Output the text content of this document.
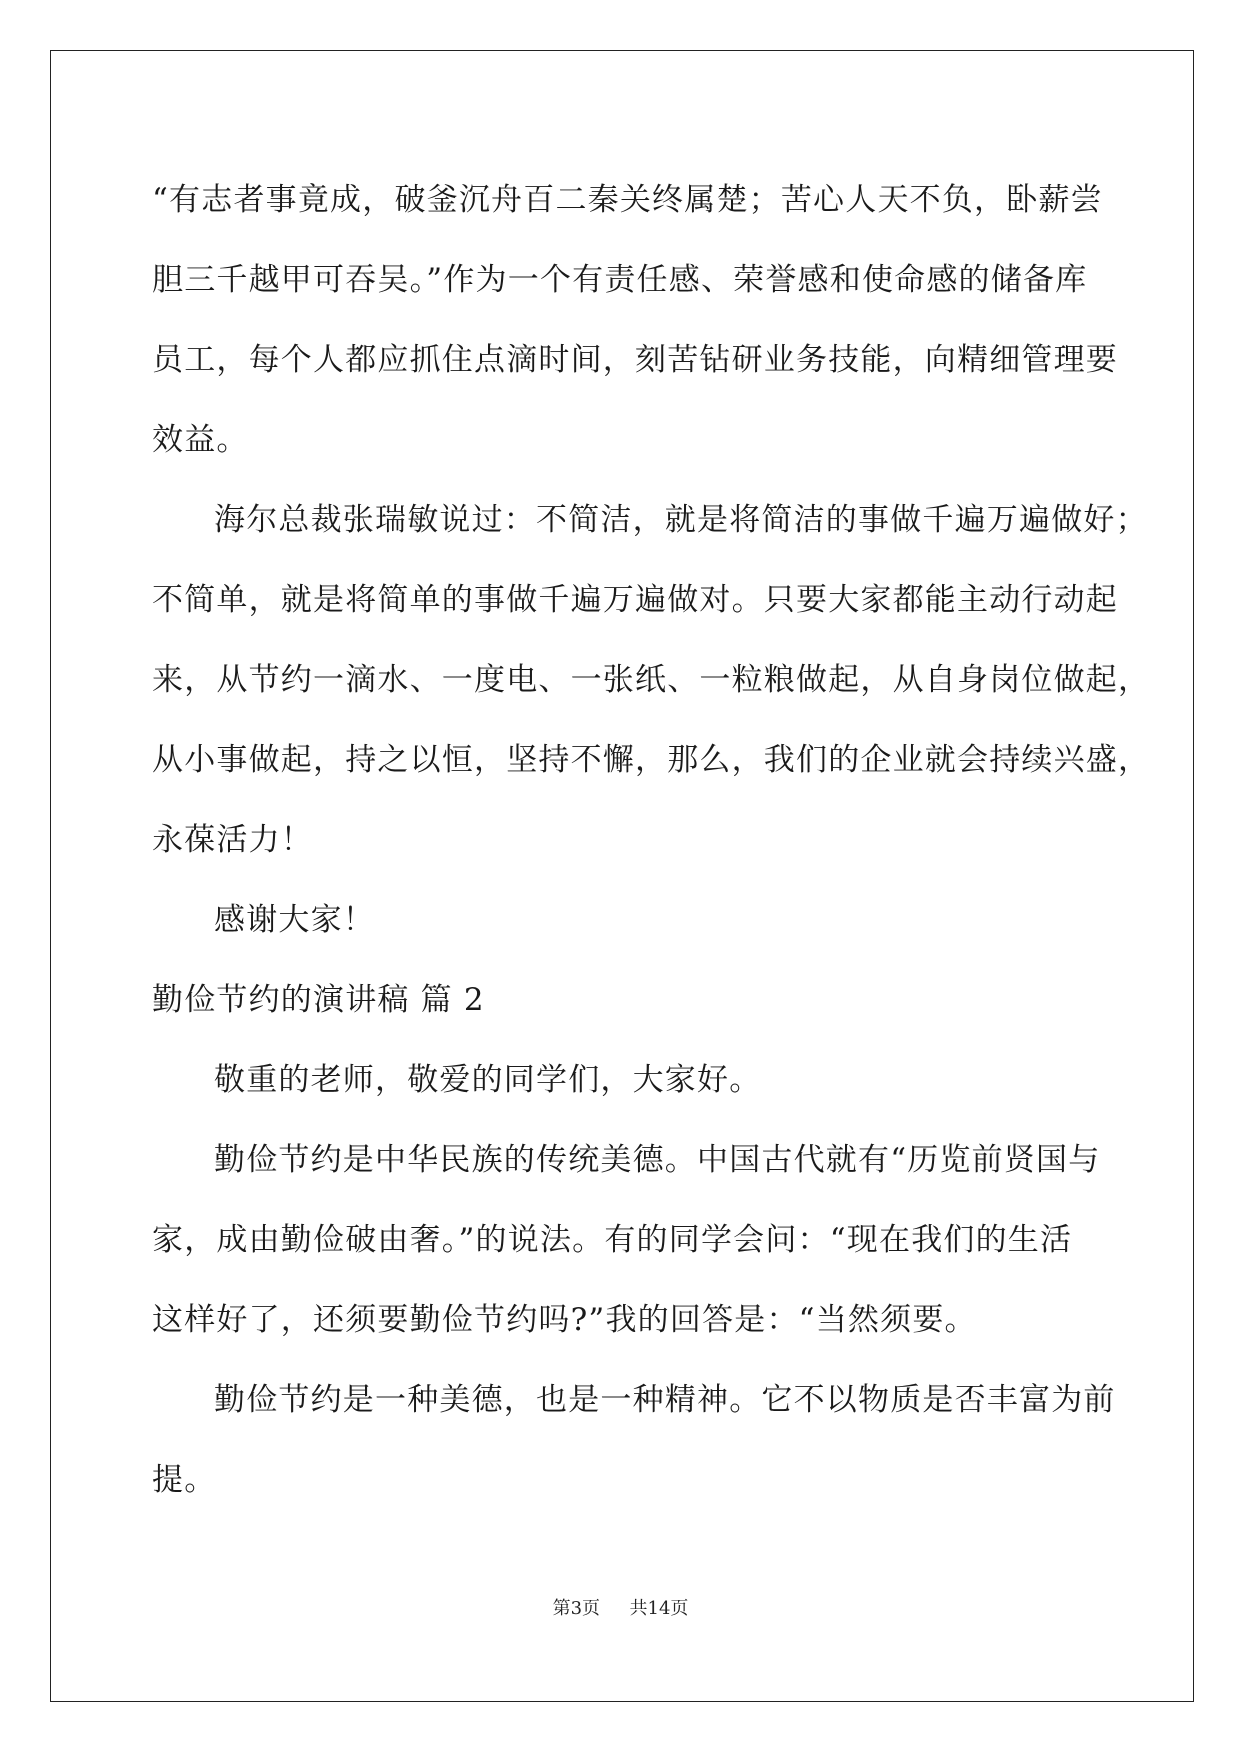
“有志者事竟成，破釜沉舟百二秦关终属楚；苦心人天不负，卧薪尝
胆三千越甲可吞吴。”作为一个有责任感、荣誉感和使命感的储备库
员工，每个人都应抓住点滴时间，刻苦钻研业务技能，向精细管理要
效益。
海尔总裁张瑞敏说过：不简洁，就是将简洁的事做千遍万遍做好；
不简单，就是将简单的事做千遍万遍做对。只要大家都能主动行动起
来，从节约一滴水、一度电、一张纸、一粒粮做起，从自身岗位做起，
从小事做起，持之以恒，坚持不懈，那么，我们的企业就会持续兴盛，
永葆活力！
感谢大家！
勤俭节约的演讲稿 篇 2
敬重的老师，敬爱的同学们，大家好。
勤俭节约是中华民族的传统美德。中国古代就有“历览前贤国与
家，成由勤俭破由奢。”的说法。有的同学会问：“现在我们的生活
这样好了，还须要勤俭节约吗?”我的回答是：“当然须要。
勤俭节约是一种美德，也是一种精神。它不以物质是否丰富为前
提。
第3页 共14页
